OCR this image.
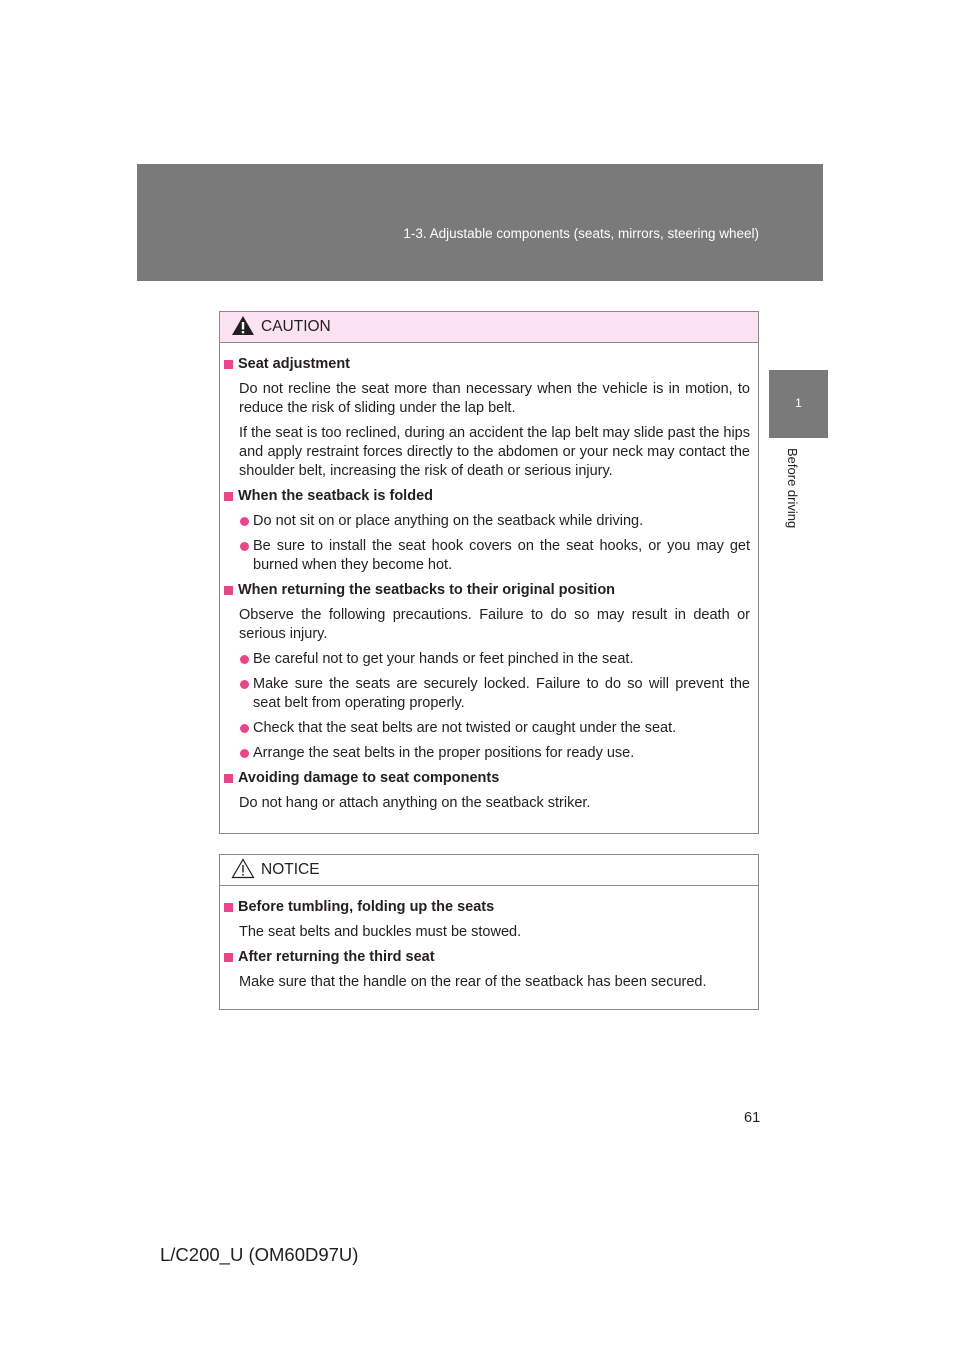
1-3. Adjustable components (seats, mirrors, steering wheel)
1
Before driving
CAUTION
Seat adjustment
Do not recline the seat more than necessary when the vehicle is in motion, to reduce the risk of sliding under the lap belt.
If the seat is too reclined, during an accident the lap belt may slide past the hips and apply restraint forces directly to the abdomen or your neck may contact the shoulder belt, increasing the risk of death or serious injury.
When the seatback is folded
Do not sit on or place anything on the seatback while driving.
Be sure to install the seat hook covers on the seat hooks, or you may get burned when they become hot.
When returning the seatbacks to their original position
Observe the following precautions. Failure to do so may result in death or serious injury.
Be careful not to get your hands or feet pinched in the seat.
Make sure the seats are securely locked. Failure to do so will prevent the seat belt from operating properly.
Check that the seat belts are not twisted or caught under the seat.
Arrange the seat belts in the proper positions for ready use.
Avoiding damage to seat components
Do not hang or attach anything on the seatback striker.
NOTICE
Before tumbling, folding up the seats
The seat belts and buckles must be stowed.
After returning the third seat
Make sure that the handle on the rear of the seatback has been secured.
61
L/C200_U (OM60D97U)
